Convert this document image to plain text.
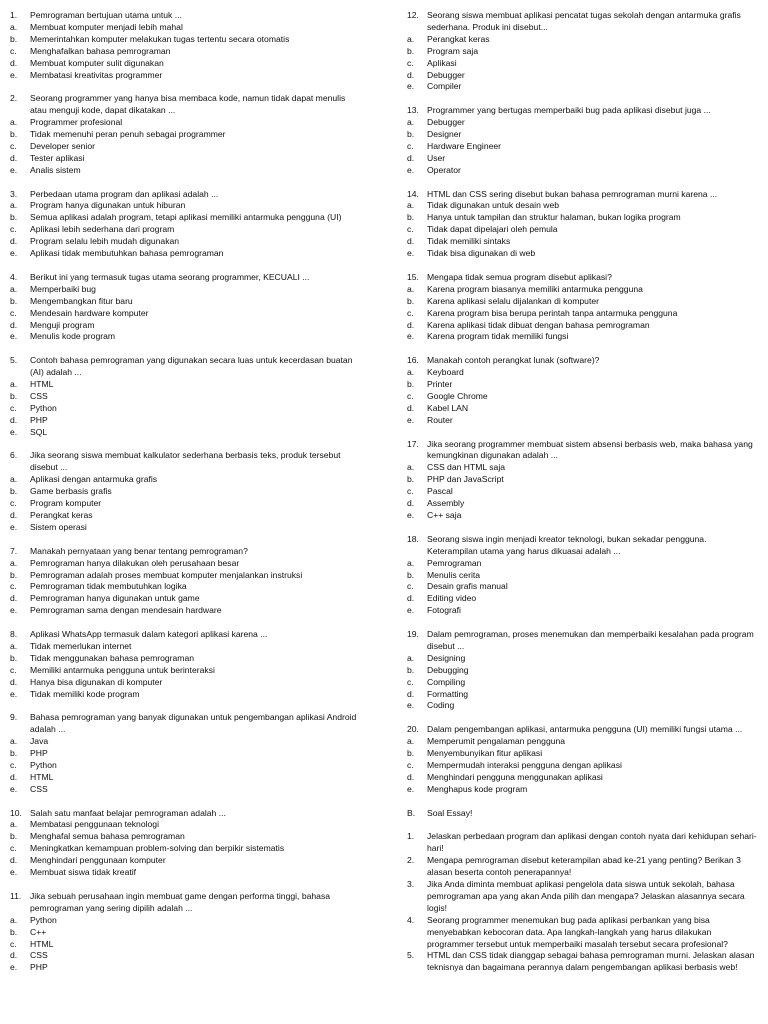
1.	Pemrograman bertujuan utama untuk ...
a.	Membuat komputer menjadi lebih mahal
b.	Memerintahkan komputer melakukan tugas tertentu secara otomatis
c.	Menghafalkan bahasa pemrograman
d.	Membuat komputer sulit digunakan
e.	Membatasi kreativitas programmer
2.	Seorang programmer yang hanya bisa membaca kode, namun tidak dapat menulis atau menguji kode, dapat dikatakan ...
a.	Programmer profesional
b.	Tidak memenuhi peran penuh sebagai programmer
c.	Developer senior
d.	Tester aplikasi
e.	Analis sistem
3.	Perbedaan utama program dan aplikasi adalah ...
a.	Program hanya digunakan untuk hiburan
b.	Semua aplikasi adalah program, tetapi aplikasi memiliki antarmuka pengguna (UI)
c.	Aplikasi lebih sederhana dari program
d.	Program selalu lebih mudah digunakan
e.	Aplikasi tidak membutuhkan bahasa pemrograman
4.	Berikut ini yang termasuk tugas utama seorang programmer, KECUALI ...
a.	Memperbaiki bug
b.	Mengembangkan fitur baru
c.	Mendesain hardware komputer
d.	Menguji program
e.	Menulis kode program
5.	Contoh bahasa pemrograman yang digunakan secara luas untuk kecerdasan buatan (AI) adalah ...
a.	HTML
b.	CSS
c.	Python
d.	PHP
e.	SQL
6.	Jika seorang siswa membuat kalkulator sederhana berbasis teks, produk tersebut disebut ...
a.	Aplikasi dengan antarmuka grafis
b.	Game berbasis grafis
c.	Program komputer
d.	Perangkat keras
e.	Sistem operasi
7.	Manakah pernyataan yang benar tentang pemrograman?
a.	Pemrograman hanya dilakukan oleh perusahaan besar
b.	Pemrograman adalah proses membuat komputer menjalankan instruksi
c.	Pemrograman tidak membutuhkan logika
d.	Pemrograman hanya digunakan untuk game
e.	Pemrograman sama dengan mendesain hardware
8.	Aplikasi WhatsApp termasuk dalam kategori aplikasi karena ...
a.	Tidak memerlukan internet
b.	Tidak menggunakan bahasa pemrograman
c.	Memiliki antarmuka pengguna untuk berinteraksi
d.	Hanya bisa digunakan di komputer
e.	Tidak memiliki kode program
9.	Bahasa pemrograman yang banyak digunakan untuk pengembangan aplikasi Android adalah ...
a.	Java
b.	PHP
c.	Python
d.	HTML
e.	CSS
10. Salah satu manfaat belajar pemrograman adalah ...
a.	Membatasi penggunaan teknologi
b.	Menghafal semua bahasa pemrograman
c.	Meningkatkan kemampuan problem-solving dan berpikir sistematis
d.	Menghindari penggunaan komputer
e.	Membuat siswa tidak kreatif
11.	Jika sebuah perusahaan ingin membuat game dengan performa tinggi, bahasa pemrograman yang sering dipilih adalah ...
a.	Python
b.	C++
c.	HTML
d.	CSS
e.	PHP
12. Seorang siswa membuat aplikasi pencatat tugas sekolah dengan antarmuka grafis sederhana. Produk ini disebut...
a.	Perangkat keras
b.	Program saja
c.	Aplikasi
d.	Debugger
e.	Compiler
13. Programmer yang bertugas memperbaiki bug pada aplikasi disebut juga ...
a.	Debugger
b.	Designer
c.	Hardware Engineer
d.	User
e.	Operator
14. HTML dan CSS sering disebut bukan bahasa pemrograman murni karena ...
a.	Tidak digunakan untuk desain web
b.	Hanya untuk tampilan dan struktur halaman, bukan logika program
c.	Tidak dapat dipelajari oleh pemula
d.	Tidak memiliki sintaks
e.	Tidak bisa digunakan di web
15. Mengapa tidak semua program disebut aplikasi?
a.	Karena program biasanya memiliki antarmuka pengguna
b.	Karena aplikasi selalu dijalankan di komputer
c.	Karena program bisa berupa perintah tanpa antarmuka pengguna
d.	Karena aplikasi tidak dibuat dengan bahasa pemrograman
e.	Karena program tidak memiliki fungsi
16. Manakah contoh perangkat lunak (software)?
a.	Keyboard
b.	Printer
c.	Google Chrome
d.	Kabel LAN
e.	Router
17. Jika seorang programmer membuat sistem absensi berbasis web, maka bahasa yang kemungkinan digunakan adalah ...
a.	CSS dan HTML saja
b.	PHP dan JavaScript
c.	Pascal
d.	Assembly
e.	C++ saja
18. Seorang siswa ingin menjadi kreator teknologi, bukan sekadar pengguna. Keterampilan utama yang harus dikuasai adalah ...
a.	Pemrograman
b.	Menulis cerita
c.	Desain grafis manual
d.	Editing video
e.	Fotografi
19. Dalam pemrograman, proses menemukan dan memperbaiki kesalahan pada program disebut ...
a.	Designing
b.	Debugging
c.	Compiling
d.	Formatting
e.	Coding
20. Dalam pengembangan aplikasi, antarmuka pengguna (UI) memiliki fungsi utama ...
a.	Memperumit pengalaman pengguna
b.	Menyembunyikan fitur aplikasi
c.	Mempermudah interaksi pengguna dengan aplikasi
d.	Menghindari pengguna menggunakan aplikasi
e.	Menghapus kode program
B.	Soal Essay!
1.	Jelaskan perbedaan program dan aplikasi dengan contoh nyata dari kehidupan sehari-hari!
2.	Mengapa pemrograman disebut keterampilan abad ke-21 yang penting? Berikan 3 alasan beserta contoh penerapannya!
3.	Jika Anda diminta membuat aplikasi pengelola data siswa untuk sekolah, bahasa pemrograman apa yang akan Anda pilih dan mengapa? Jelaskan alasannya secara logis!
4.	Seorang programmer menemukan bug pada aplikasi perbankan yang bisa menyebabkan kebocoran data. Apa langkah-langkah yang harus dilakukan programmer tersebut untuk memperbaiki masalah tersebut secara profesional?
5.	HTML dan CSS tidak dianggap sebagai bahasa pemrograman murni. Jelaskan alasan teknisnya dan bagaimana perannya dalam pengembangan aplikasi berbasis web!
